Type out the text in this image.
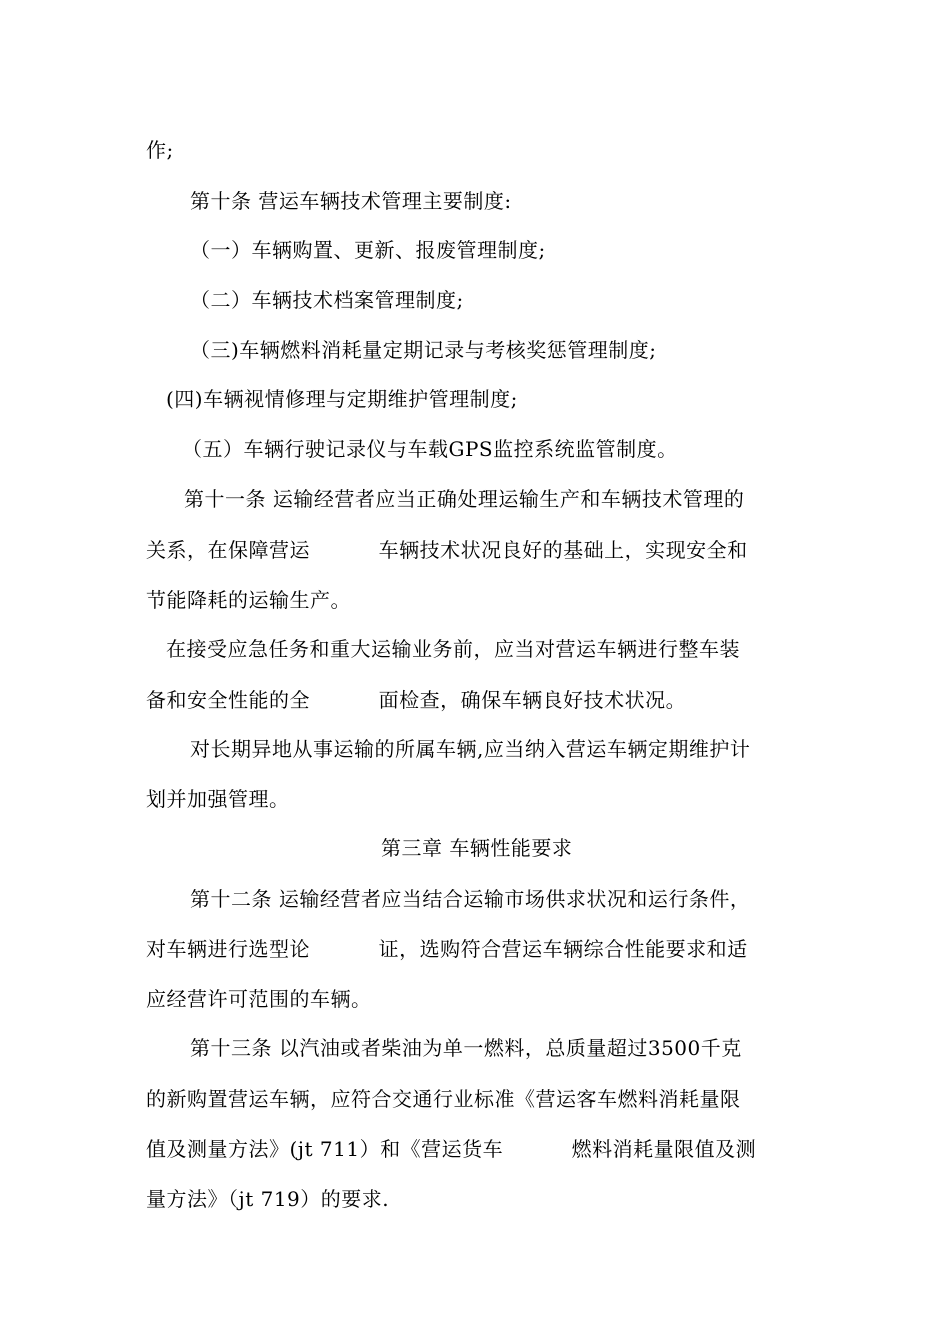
作;
第十条 营运车辆技术管理主要制度:
（一）车辆购置、更新、报废管理制度;
（二）车辆技术档案管理制度;
（三)车辆燃料消耗量定期记录与考核奖惩管理制度;
(四)车辆视情修理与定期维护管理制度;
（五）车辆行驶记录仪与车载GPS监控系统监管制度。
第十一条 运输经营者应当正确处理运输生产和车辆技术管理的
关系，在保障营运          车辆技术状况良好的基础上，实现安全和
节能降耗的运输生产。
在接受应急任务和重大运输业务前，应当对营运车辆进行整车装
备和安全性能的全          面检查，确保车辆良好技术状况。
对长期异地从事运输的所属车辆,应当纳入营运车辆定期维护计
划并加强管理。
第三章 车辆性能要求
第十二条 运输经营者应当结合运输市场供求状况和运行条件，
对车辆进行选型论          证，选购符合营运车辆综合性能要求和适
应经营许可范围的车辆。
第十三条 以汽油或者柴油为单一燃料，总质量超过3500千克
的新购置营运车辆，应符合交通行业标准《营运客车燃料消耗量限
值及测量方法》(jt 711）和《营运货车          燃料消耗量限值及测
量方法》（jt 719）的要求.
